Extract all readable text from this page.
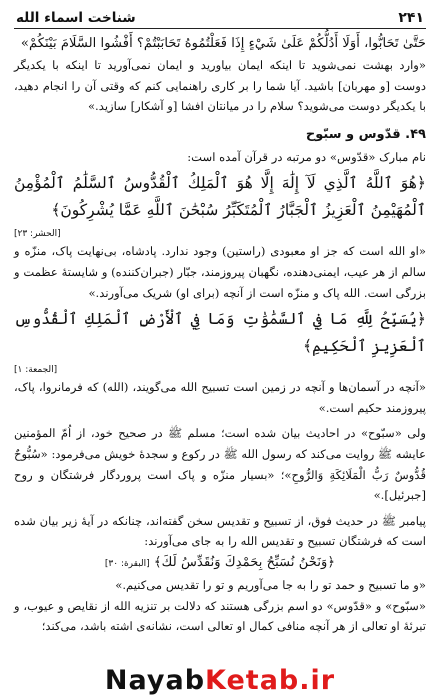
۲۴۱
شناخت اسماء الله

حَتَّىٰ تَحَابُّوا، أَوَلَا أَدُلُّكُمْ عَلَىٰ شَيْءٍ إِذَا فَعَلْتُمُوهُ تَحَابَبْتُمْ؟ أَفْشُوا السَّلَامَ بَيْنَكُمْ»

«وارد بهشت نمی‌شوید تا اینکه ایمان بیاورید و ایمان نمی‌آورید تا اینکه با یکدیگر دوست [و مهربان] باشید. آیا شما را بر کاری راهنمایی کنم که وقتی آن را انجام دهید، با یکدیگر دوست می‌شوید؟ سلام را در میانتان افشا [و آشکار] سازید.»

۴۹. قدّوس و سبّوح

نام مبارک «قدّوس» دو مرتبه در قرآن آمده است:

﴿هُوَ ٱللَّهُ ٱلَّذِي لَآ إِلَٰهَ إِلَّا هُوَ ٱلْمَلِكُ ٱلْقُدُّوسُ ٱلسَّلَٰمُ ٱلْمُؤْمِنُ ٱلْمُهَيْمِنُ ٱلْعَزِيزُ ٱلْجَبَّارُ ٱلْمُتَكَبِّرُ سُبْحَٰنَ ٱللَّهِ عَمَّا يُشْرِكُونَ﴾

[الحشر: ۲۳]

«او الله است که جز او معبودی (راستین) وجود ندارد. پادشاه، بی‌نهایت پاک، منزّه و سالم از هر عیب، ایمنی‌دهنده، نگهبان پیروزمند، جبّار (جبران‌کننده) و شایستهٔ عظمت و بزرگی است. الله پاک و منزّه است از آنچه (برای او) شریک می‌آورند.»

﴿يُسَبِّحُ لِلَّهِ مَا فِي ٱلسَّمَٰوَٰتِ وَمَا فِي ٱلْأَرْضِ ٱلْمَلِكِ ٱلْقُدُّوسِ ٱلْعَزِيزِ ٱلْحَكِيمِ﴾

[الجمعة: ۱]

«آنچه در آسمان‌ها و آنچه در زمین است تسبیح الله می‌گویند، (الله) که فرمانروا، پاک، پیروزمند حکیم است.»

ولی «سبّوح» در احادیث بیان شده است؛ مسلم ﷺ در صحیح خود، از اُمّ المؤمنین عایشه ﷺ روایت می‌کند که رسول الله ﷺ در رکوع و سجدهٔ خویش می‌فرمود: «سُبُّوحٌ قُدُّوسٌ رَبُّ الْمَلَائِكَةِ وَالرُّوحِ»؛ «بسیار منزّه و پاک است پروردگار فرشتگان و روح [جبرئیل].»

پیامبر ﷺ در حدیث فوق، از تسبیح و تقدیس سخن گفته‌اند، چنانکه در آیهٔ زیر بیان شده است که فرشتگان تسبیح و تقدیس الله را به جای می‌آورند:

﴿وَنَحْنُ نُسَبِّحُ بِحَمْدِكَ وَنُقَدِّسُ لَكَ﴾ [البقرة: ۳۰]

«و ما تسبیح و حمد تو را به جا می‌آوریم و تو را تقدیس می‌کنیم.»

«سبّوح» و «قدّوس» دو اسم بزرگی هستند که دلالت بر تنزیه الله از نقایص و عیوب، و تبرئهٔ او تعالی از هر آنچه منافی کمال او تعالی است، نشانه‌ی اشته باشد، می‌کند؛

NayabKetab.ir
